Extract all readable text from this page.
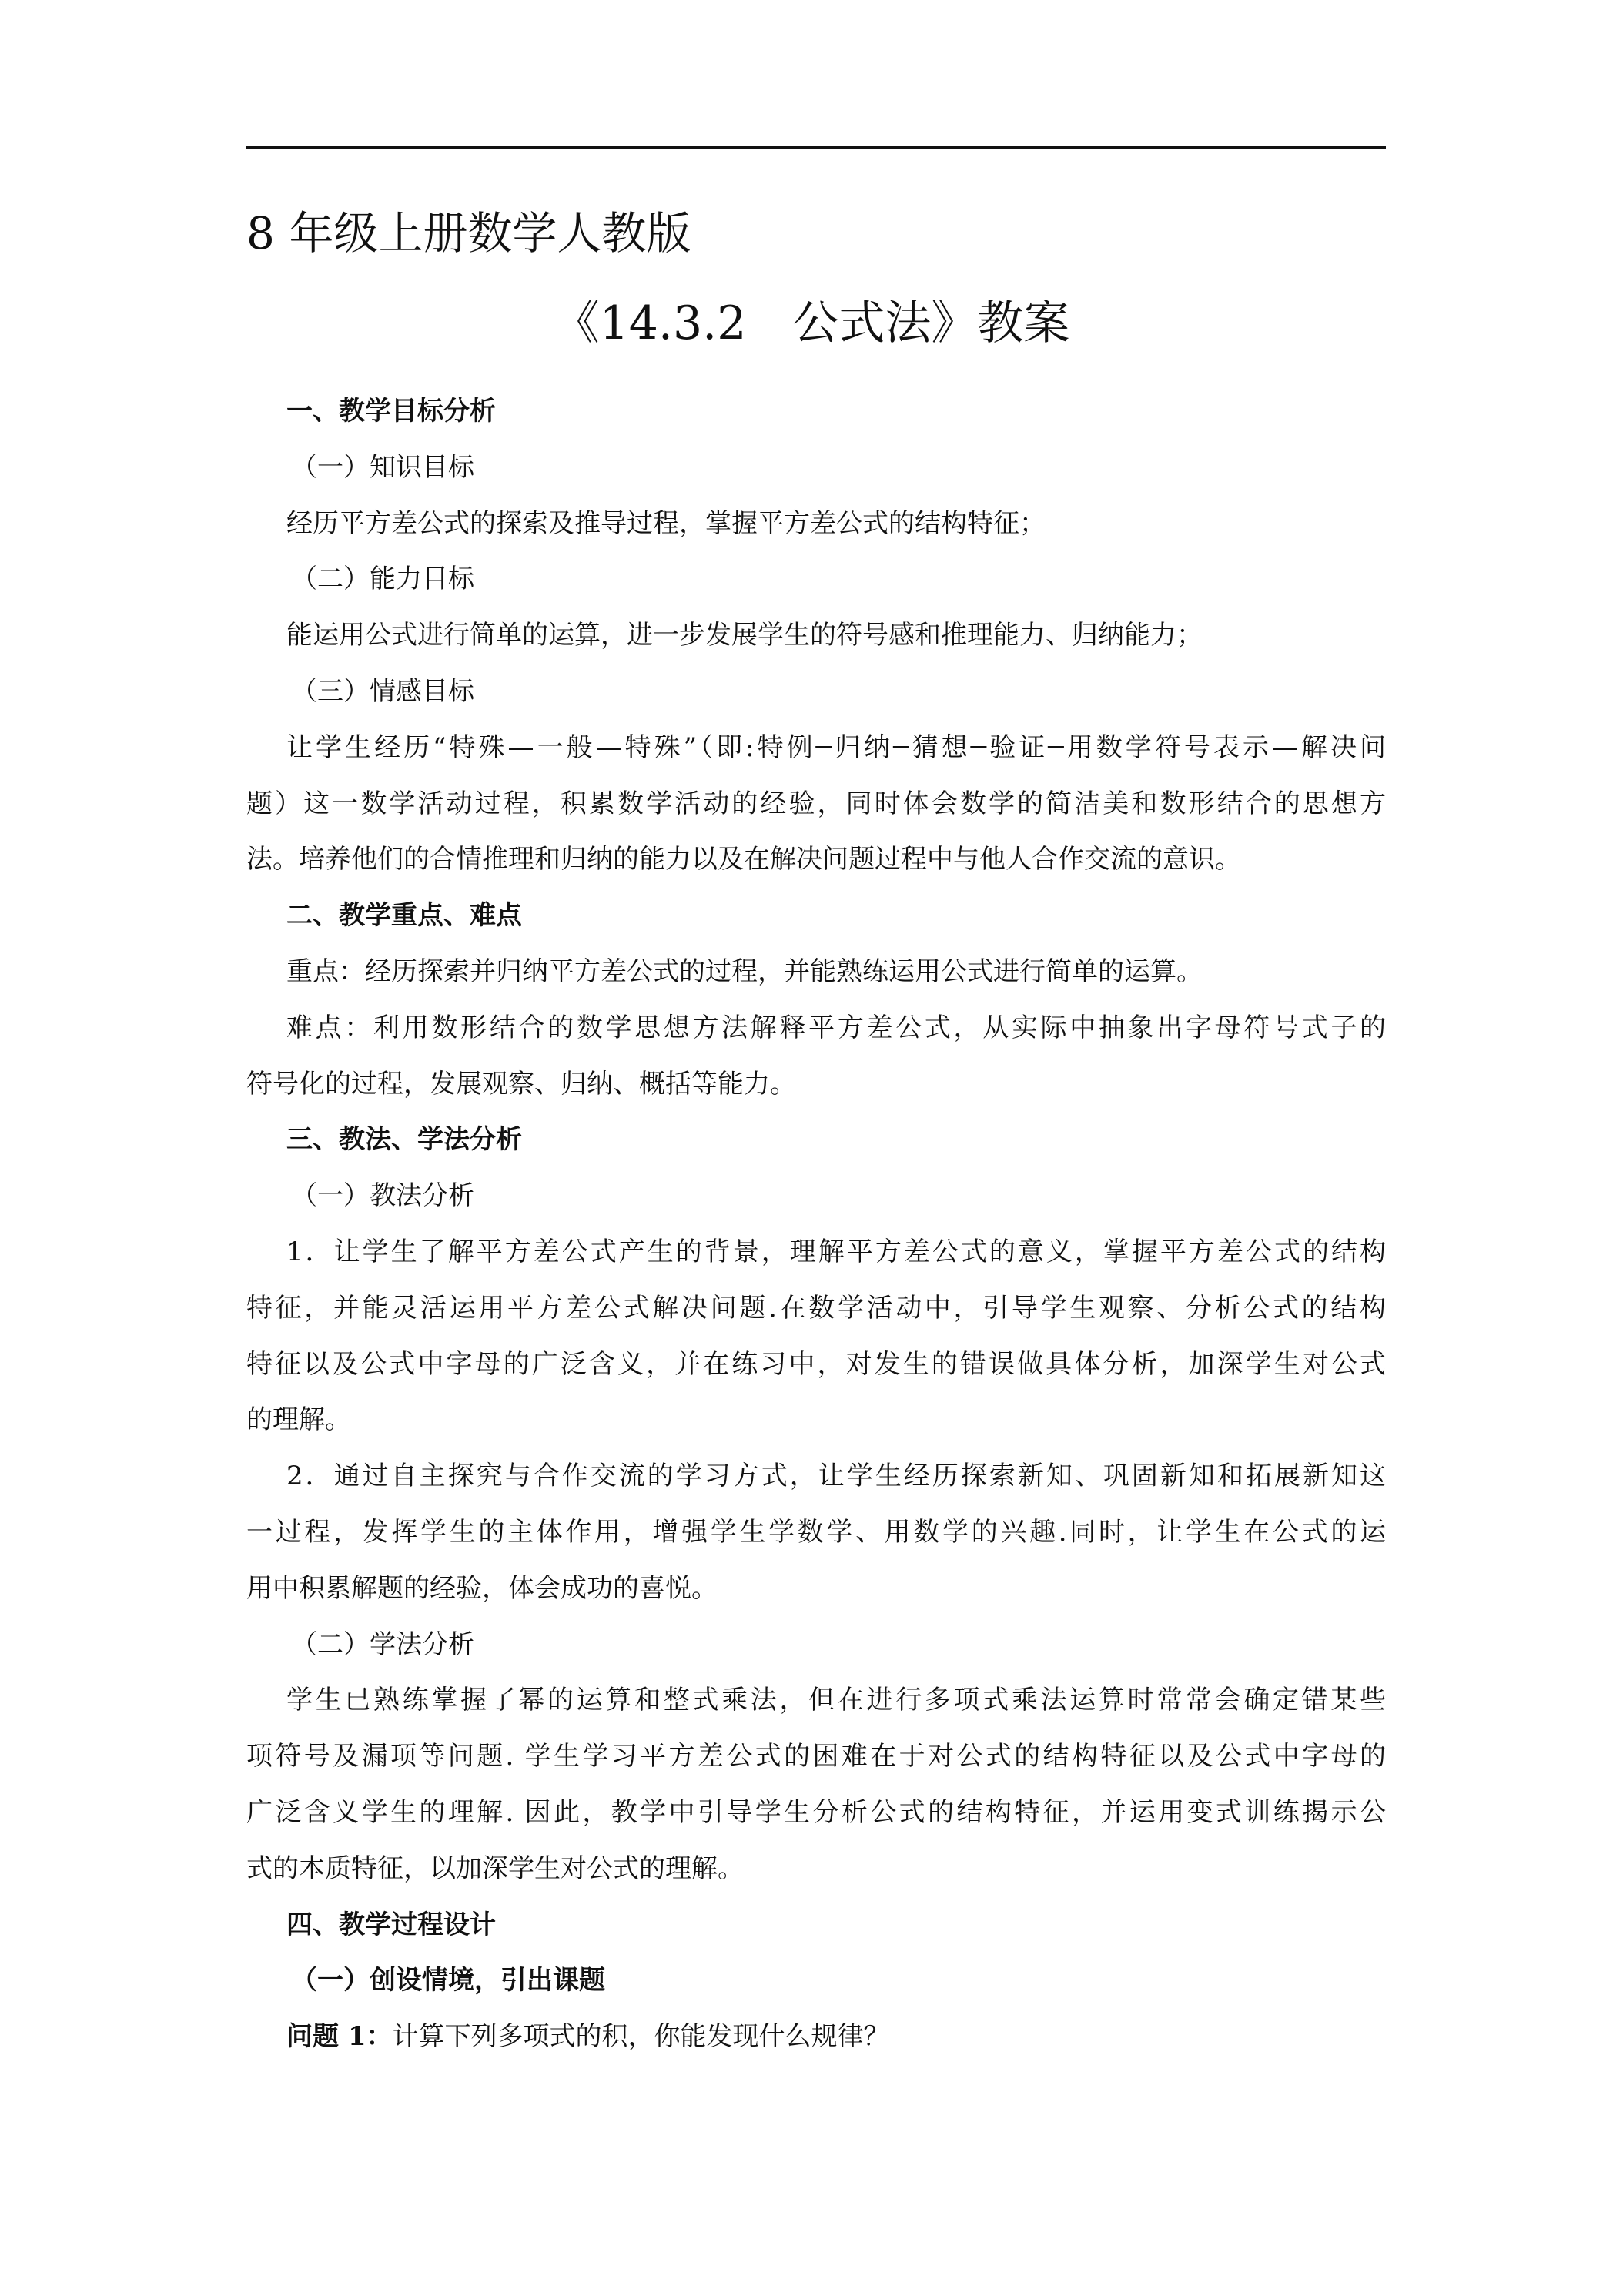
8 年级上册数学人教版
《14.3.2　公式法》教案
一、教学目标分析
（一）知识目标
经历平方差公式的探索及推导过程，掌握平方差公式的结构特征；
（二）能力目标
能运用公式进行简单的运算，进一步发展学生的符号感和推理能力、归纳能力；
（三）情感目标
让学生经历“特殊—一般—特殊”（即:特例─归纳─猜想─验证─用数学符号表示—解决问
题）这一数学活动过程，积累数学活动的经验，同时体会数学的简洁美和数形结合的思想方
法。培养他们的合情推理和归纳的能力以及在解决问题过程中与他人合作交流的意识。
二、教学重点、难点
重点：经历探索并归纳平方差公式的过程，并能熟练运用公式进行简单的运算。
难点：利用数形结合的数学思想方法解释平方差公式，从实际中抽象出字母符号式子的
符号化的过程，发展观察、归纳、概括等能力。
三、教法、学法分析
（一）教法分析
1．让学生了解平方差公式产生的背景，理解平方差公式的意义，掌握平方差公式的结构
特征，并能灵活运用平方差公式解决问题.在数学活动中，引导学生观察、分析公式的结构
特征以及公式中字母的广泛含义，并在练习中，对发生的错误做具体分析，加深学生对公式
的理解。
2．通过自主探究与合作交流的学习方式，让学生经历探索新知、巩固新知和拓展新知这
一过程，发挥学生的主体作用，增强学生学数学、用数学的兴趣.同时，让学生在公式的运
用中积累解题的经验，体会成功的喜悦。
（二）学法分析
学生已熟练掌握了幂的运算和整式乘法，但在进行多项式乘法运算时常常会确定错某些
项符号及漏项等问题. 学生学习平方差公式的困难在于对公式的结构特征以及公式中字母的
广泛含义学生的理解. 因此，教学中引导学生分析公式的结构特征，并运用变式训练揭示公
式的本质特征，以加深学生对公式的理解。
四、教学过程设计
（一）创设情境，引出课题
问题 1：计算下列多项式的积，你能发现什么规律？
